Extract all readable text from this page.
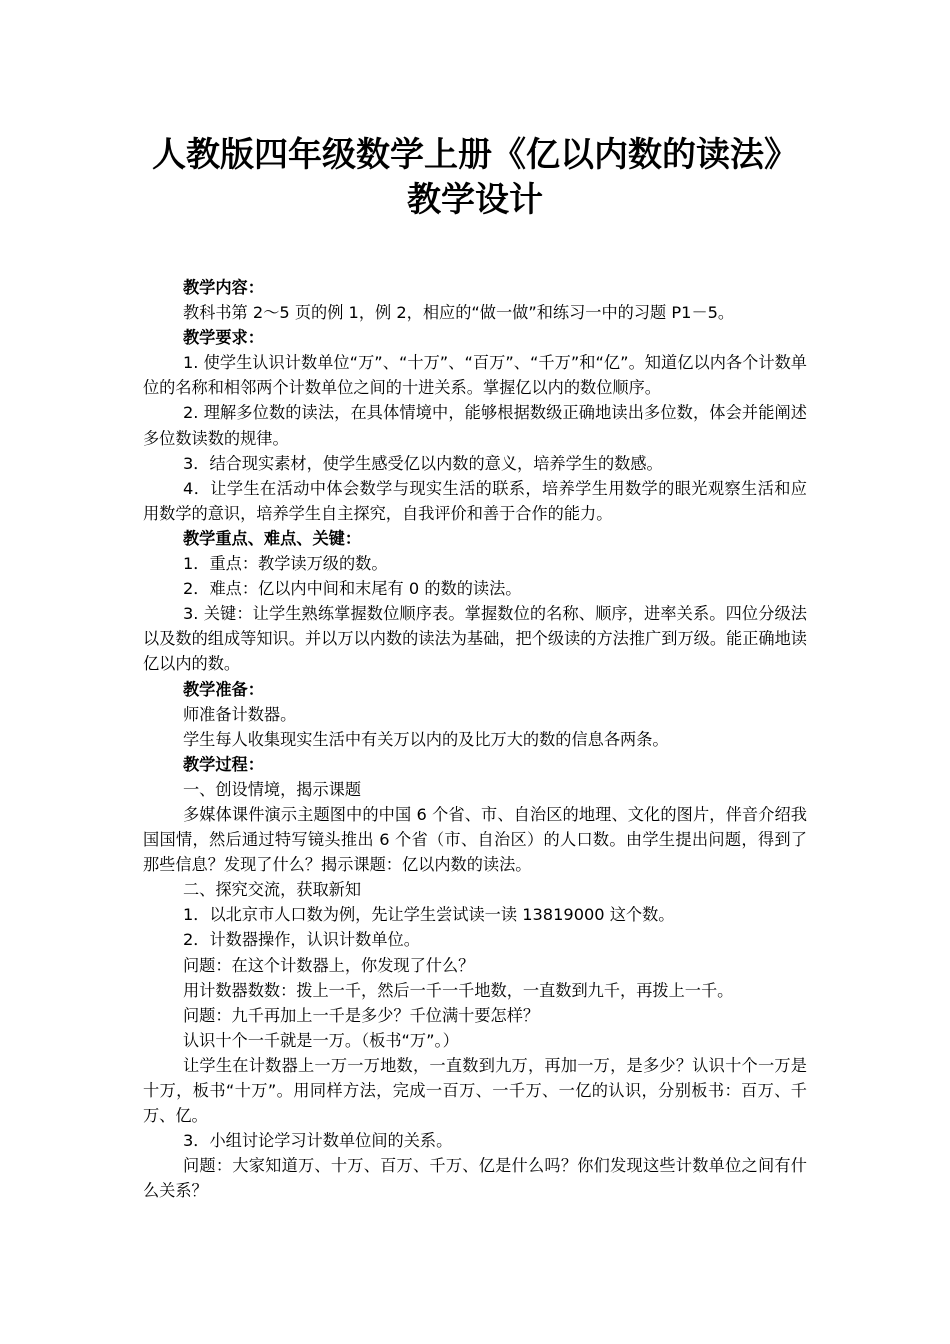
人教版四年级数学上册《亿以内数的读法》
教学设计

教学内容：

教科书第 2～5 页的例 1，例 2，相应的“做一做”和练习一中的习题 P1－5。

教学要求：

1. 使学生认识计数单位“万”、“十万”、“百万”、“千万”和“亿”。知道亿以内各个计数单位的名称和相邻两个计数单位之间的十进关系。掌握亿以内的数位顺序。

2. 理解多位数的读法，在具体情境中，能够根据数级正确地读出多位数，体会并能阐述多位数读数的规律。

3．结合现实素材，使学生感受亿以内数的意义，培养学生的数感。

4．让学生在活动中体会数学与现实生活的联系，培养学生用数学的眼光观察生活和应用数学的意识，培养学生自主探究，自我评价和善于合作的能力。

教学重点、难点、关键：

1．重点：教学读万级的数。

2．难点：亿以内中间和末尾有 0 的数的读法。

3. 关键：让学生熟练掌握数位顺序表。掌握数位的名称、顺序，进率关系。四位分级法以及数的组成等知识。并以万以内数的读法为基础，把个级读的方法推广到万级。能正确地读亿以内的数。

教学准备：

师准备计数器。

学生每人收集现实生活中有关万以内的及比万大的数的信息各两条。

教学过程：

一、创设情境，揭示课题

多媒体课件演示主题图中的中国 6 个省、市、自治区的地理、文化的图片，伴音介绍我国国情，然后通过特写镜头推出 6 个省（市、自治区）的人口数。由学生提出问题，得到了那些信息？发现了什么？揭示课题：亿以内数的读法。

二、探究交流，获取新知

1．以北京市人口数为例，先让学生尝试读一读 13819000 这个数。

2．计数器操作，认识计数单位。

问题：在这个计数器上，你发现了什么？

用计数器数数：拨上一千，然后一千一千地数，一直数到九千，再拨上一千。

问题：九千再加上一千是多少？千位满十要怎样？

认识十个一千就是一万。（板书“万”。）

让学生在计数器上一万一万地数，一直数到九万，再加一万，是多少？认识十个一万是十万，板书“十万”。用同样方法，完成一百万、一千万、一亿的认识，分别板书：百万、千万、亿。

3．小组讨论学习计数单位间的关系。

问题：大家知道万、十万、百万、千万、亿是什么吗？你们发现这些计数单位之间有什么关系？
